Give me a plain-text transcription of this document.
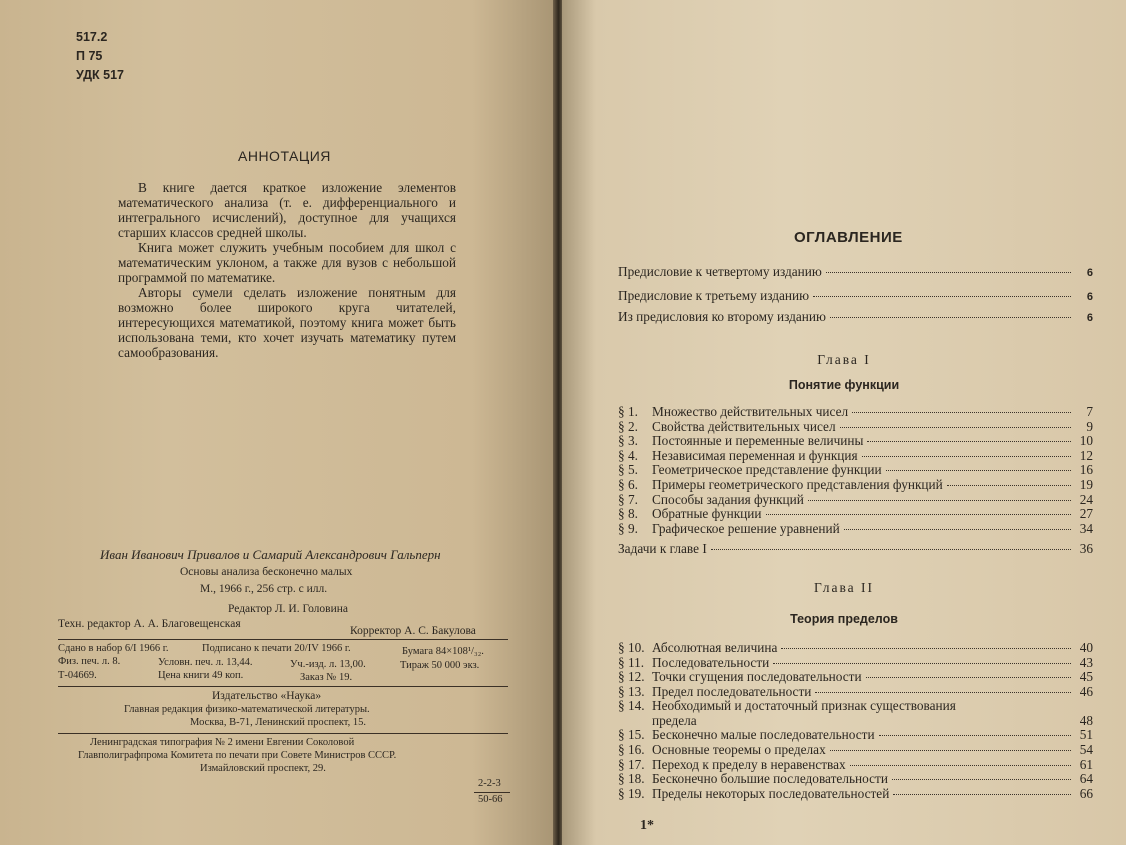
517.2
П 75
УДК 517
АННОТАЦИЯ

В книге дается краткое изложение элементов математического анализа (т. е. дифференциального и интегрального исчислений), доступное для учащихся старших классов средней школы.

Книга может служить учебным пособием для школ с математическим уклоном, а также для вузов с небольшой программой по математике.

Авторы сумели сделать изложение понятным для возможно более широкого круга читателей, интересующихся математикой, поэтому книга может быть использована теми, кто хочет изучать математику путем самообразования.

Иван Иванович Привалов и Самарий Александрович Гальперн
Основы анализа бесконечно малых
М., 1966 г., 256 стр. с илл.
Редактор Л. И. Головина
Техн. редактор А. А. Благовещенская
Корректор А. С. Бакулова
Сдано в набор 6/I 1966 г.	Подписано к печати 20/IV 1966 г.	Бумага 84×108¹/₃₂.
Физ. печ. л. 8.	Условн. печ. л. 13,44.	Уч.-изд. л. 13,00.	Тираж 50 000 экз.
Т-04669.	Цена книги 49 коп.	Заказ № 19.
Издательство «Наука»
Главная редакция физико-математической литературы.
Москва, В-71, Ленинский проспект, 15.
Ленинградская типография № 2 имени Евгении Соколовой
Главполиграфпрома Комитета по печати при Совете Министров СССР.
Измайловский проспект, 29.
2-2-3
50-66
ОГЛАВЛЕНИЕ
Предисловие к четвертому изданию	6
Предисловие к третьему изданию	6
Из предисловия ко второму изданию	6
Глава I
Понятие функции
§ 1.	Множество действительных чисел	7
§ 2.	Свойства действительных чисел	9
§ 3.	Постоянные и переменные величины	10
§ 4.	Независимая переменная и функция	12
§ 5.	Геометрическое представление функции	16
§ 6.	Примеры геометрического представления функций	19
§ 7.	Способы задания функций	24
§ 8.	Обратные функции	27
§ 9.	Графическое решение уравнений	34
Задачи к главе I	36
Глава II
Теория пределов
§ 10. Абсолютная величина	40
§ 11. Последовательности	43
§ 12. Точки сгущения последовательности	45
§ 13. Предел последовательности	46
§ 14. Необходимый и достаточный признак существования
предела	48
§ 15. Бесконечно малые последовательности	51
§ 16. Основные теоремы о пределах	54
§ 17. Переход к пределу в неравенствах	61
§ 18. Бесконечно большие последовательности	64
§ 19. Пределы некоторых последовательностей	66
1*
